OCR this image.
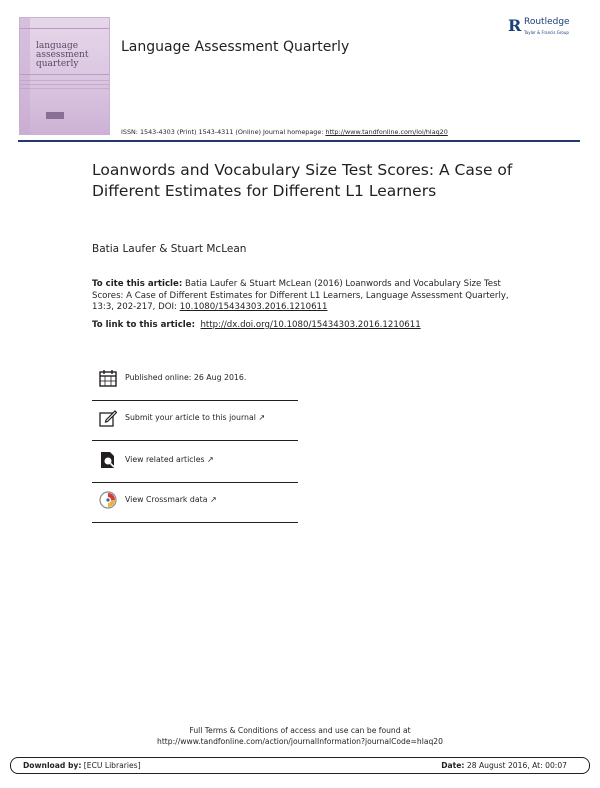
language
assessment
quarterly
Language Assessment Quarterly
R Routledge
Taylor & Francis Group
ISSN: 1543-4303 (Print) 1543-4311 (Online) Journal homepage: http://www.tandfonline.com/loi/hlaq20
Loanwords and Vocabulary Size Test Scores: A Case of Different Estimates for Different L1 Learners
Batia Laufer & Stuart McLean
To cite this article: Batia Laufer & Stuart McLean (2016) Loanwords and Vocabulary Size Test Scores: A Case of Different Estimates for Different L1 Learners, Language Assessment Quarterly, 13:3, 202-217, DOI: 10.1080/15434303.2016.1210611
To link to this article: http://dx.doi.org/10.1080/15434303.2016.1210611
Published online: 26 Aug 2016.
Submit your article to this journal ↗
View related articles ↗
View Crossmark data ↗
Full Terms & Conditions of access and use can be found at
http://www.tandfonline.com/action/journalInformation?journalCode=hlaq20
Download by: [ECU Libraries]	Date: 28 August 2016, At: 00:07
